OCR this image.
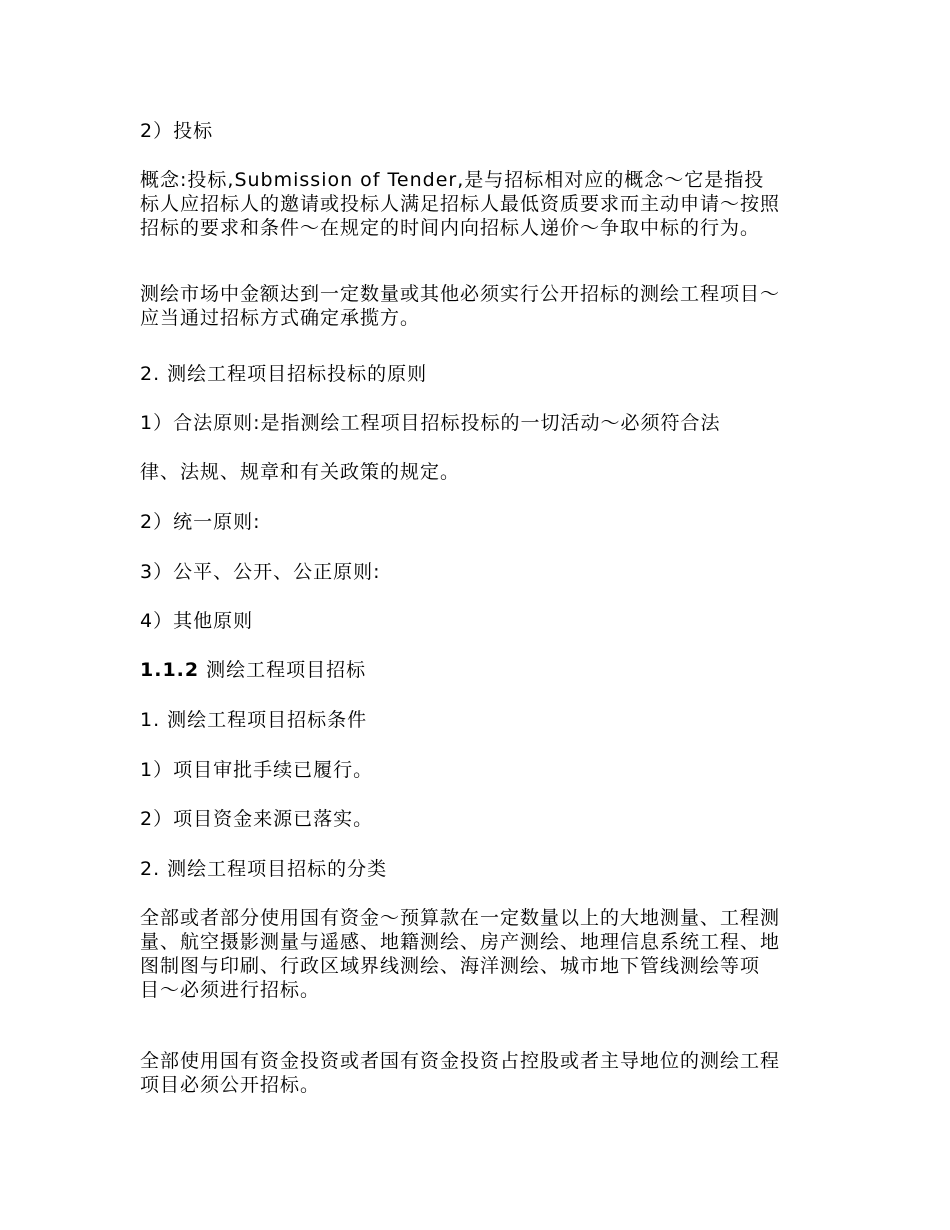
2）投标

概念:投标,Submission of Tender,是与招标相对应的概念～它是指投
标人应招标人的邀请或投标人满足招标人最低资质要求而主动申请～按照
招标的要求和条件～在规定的时间内向招标人递价～争取中标的行为。

测绘市场中金额达到一定数量或其他必须实行公开招标的测绘工程项目～
应当通过招标方式确定承揽方。

2. 测绘工程项目招标投标的原则

1）合法原则:是指测绘工程项目招标投标的一切活动～必须符合法

律、法规、规章和有关政策的规定。

2）统一原则:

3）公平、公开、公正原则:

4）其他原则

1.1.2 测绘工程项目招标

1. 测绘工程项目招标条件

1）项目审批手续已履行。

2）项目资金来源已落实。

2. 测绘工程项目招标的分类

全部或者部分使用国有资金～预算款在一定数量以上的大地测量、工程测
量、航空摄影测量与遥感、地籍测绘、房产测绘、地理信息系统工程、地
图制图与印刷、行政区域界线测绘、海洋测绘、城市地下管线测绘等项
目～必须进行招标。

全部使用国有资金投资或者国有资金投资占控股或者主导地位的测绘工程
项目必须公开招标。
